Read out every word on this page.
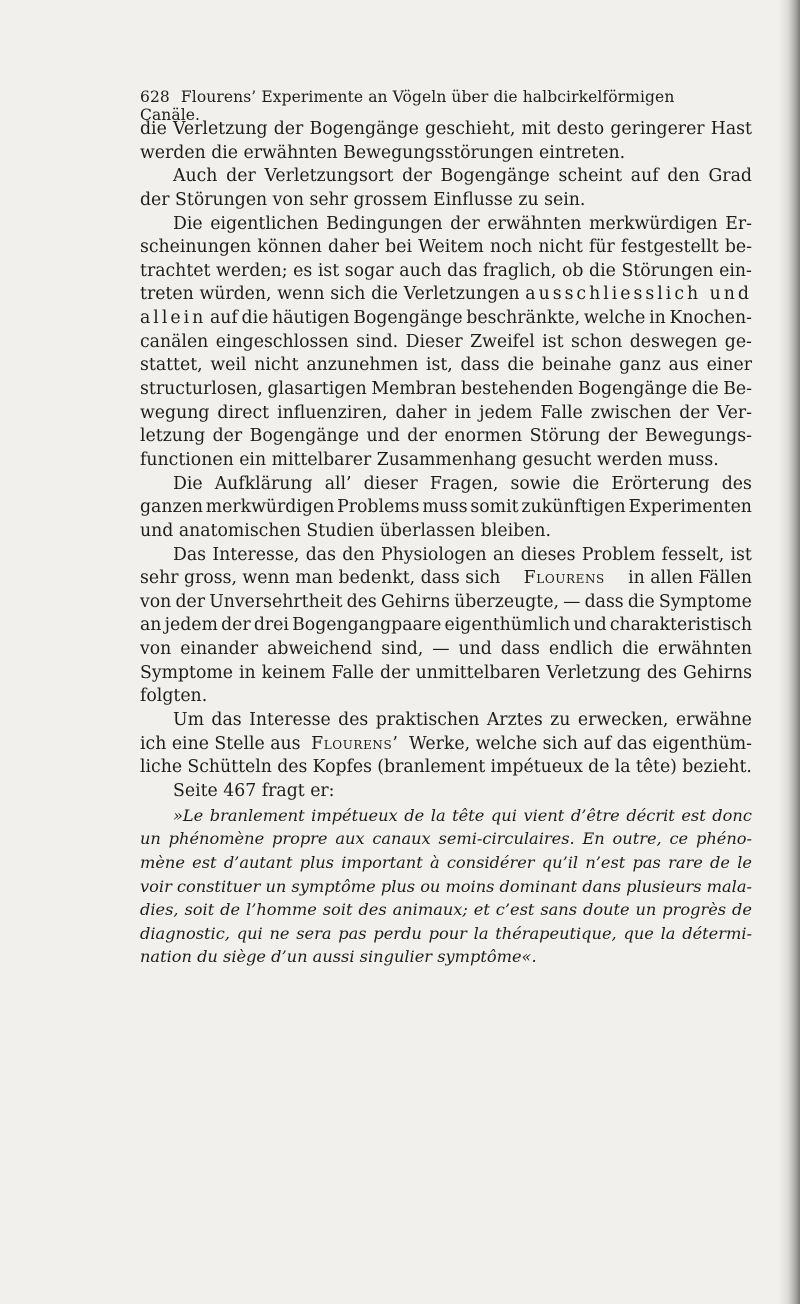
628 Flourens’ Experimente an Vögeln über die halbcirkelförmigen Canäle.
die Verletzung der Bogengänge geschieht, mit desto geringerer Hast
werden die erwähnten Bewegungsstörungen eintreten.
Auch der Verletzungsort der Bogengänge scheint auf den Grad
der Störungen von sehr grossem Einflusse zu sein.
Die eigentlichen Bedingungen der erwähnten merkwürdigen Er-
scheinungen können daher bei Weitem noch nicht für festgestellt be-
trachtet werden; es ist sogar auch das fraglich, ob die Störungen ein-
treten würden, wenn sich die Verletzungen ausschliesslich und
allein auf die häutigen Bogengänge beschränkte, welche in Knochen-
canälen eingeschlossen sind. Dieser Zweifel ist schon deswegen ge-
stattet, weil nicht anzunehmen ist, dass die beinahe ganz aus einer
structurlosen, glasartigen Membran bestehenden Bogengänge die Be-
wegung direct influenziren, daher in jedem Falle zwischen der Ver-
letzung der Bogengänge und der enormen Störung der Bewegungs-
functionen ein mittelbarer Zusammenhang gesucht werden muss.
Die Aufklärung all’ dieser Fragen, sowie die Erörterung des
ganzen merkwürdigen Problems muss somit zukünftigen Experimenten
und anatomischen Studien überlassen bleiben.
Das Interesse, das den Physiologen an dieses Problem fesselt, ist
sehr gross, wenn man bedenkt, dass sich Flourens in allen Fällen
von der Unversehrtheit des Gehirns überzeugte, — dass die Symptome
an jedem der drei Bogengangpaare eigenthümlich und charakteristisch
von einander abweichend sind, — und dass endlich die erwähnten
Symptome in keinem Falle der unmittelbaren Verletzung des Gehirns
folgten.
Um das Interesse des praktischen Arztes zu erwecken, erwähne
ich eine Stelle aus Flourens’ Werke, welche sich auf das eigenthüm-
liche Schütteln des Kopfes (branlement impétueux de la tête) bezieht.
Seite 467 fragt er:
»Le branlement impétueux de la tête qui vient d’être décrit est donc
un phénomène propre aux canaux semi-circulaires. En outre, ce phéno-
mène est d’autant plus important à considérer qu’il n’est pas rare de le
voir constituer un symptôme plus ou moins dominant dans plusieurs mala-
dies, soit de l’homme soit des animaux; et c’est sans doute un progrès de
diagnostic, qui ne sera pas perdu pour la thérapeutique, que la détermi-
nation du siège d’un aussi singulier symptôme«.
